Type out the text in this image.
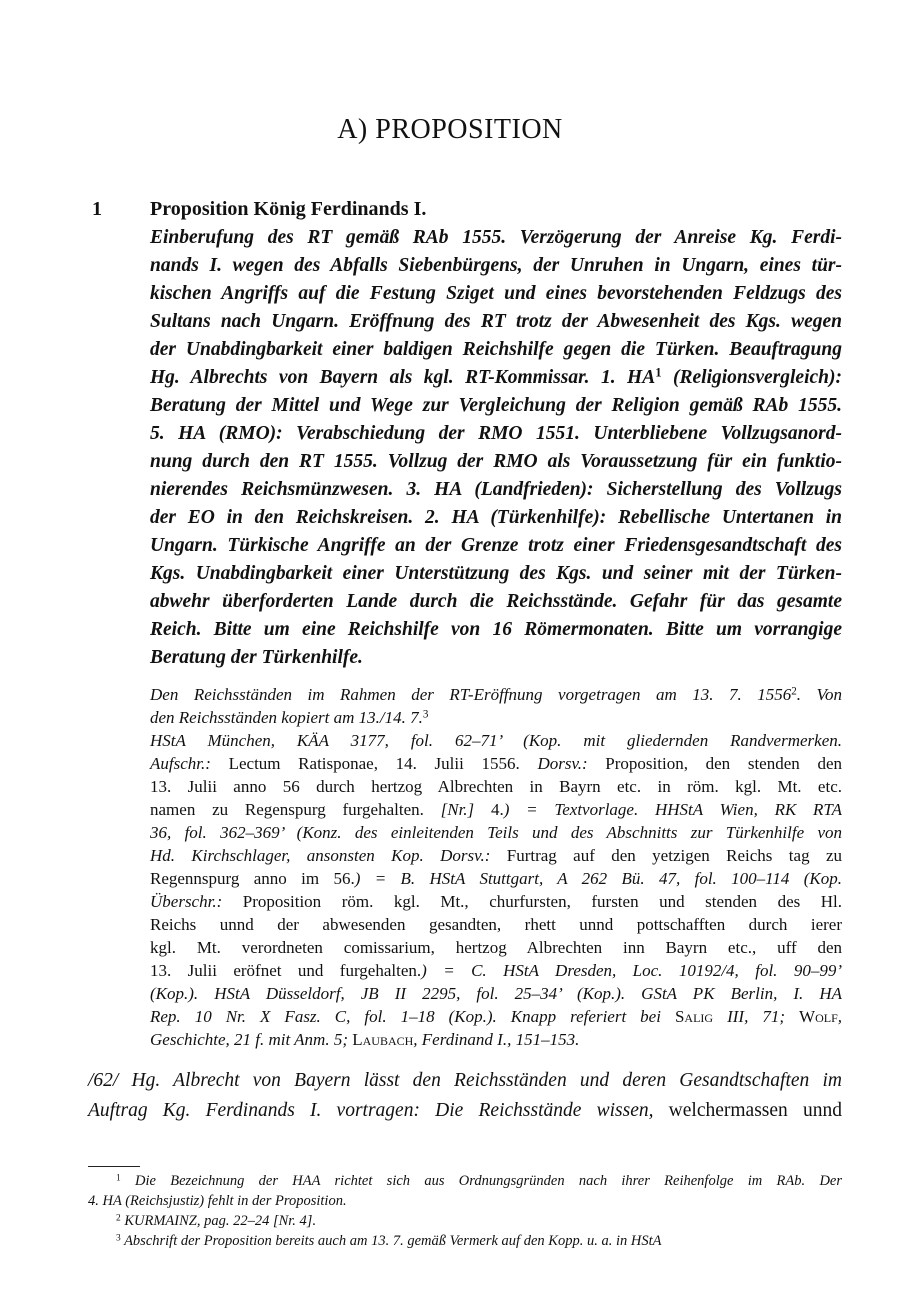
A) PROPOSITION
1 Proposition König Ferdinands I.
Einberufung des RT gemäß RAb 1555. Verzögerung der Anreise Kg. Ferdi-
nands I. wegen des Abfalls Siebenbürgens, der Unruhen in Ungarn, eines tür-
kischen Angriffs auf die Festung Sziget und eines bevorstehenden Feldzugs des
Sultans nach Ungarn. Eröffnung des RT trotz der Abwesenheit des Kgs. wegen
der Unabdingbarkeit einer baldigen Reichshilfe gegen die Türken. Beauftragung
Hg. Albrechts von Bayern als kgl. RT-Kommissar. 1. $HA^1$ (Religionsvergleich):
Beratung der Mittel und Wege zur Vergleichung der Religion gemäß RAb 1555.
5. HA (RMO): Verabschiedung der RMO 1551. Unterbliebene Vollzugsanord-
nung durch den RT 1555. Vollzug der RMO als Voraussetzung für ein funktio-
nierendes Reichsmünzwesen. 3. HA (Landfrieden): Sicherstellung des Vollzugs
der EO in den Reichskreisen. 2. HA (Türkenhilfe): Rebellische Untertanen in
Ungarn. Türkische Angriffe an der Grenze trotz einer Friedensgesandtschaft des
Kgs. Unabdingbarkeit einer Unterstützung des Kgs. und seiner mit der Türken-
abwehr überforderten Lande durch die Reichsstände. Gefahr für das gesamte
Reich. Bitte um eine Reichshilfe von 16 Römermonaten. Bitte um vorrangige
Beratung der Türkenhilfe.
Den Reichsständen im Rahmen der RT-Eröffnung vorgetragen am 13. 7. 1556$^2$. Von
den Reichsständen kopiert am 13./14. 7.$^3$
HStA München, KÄA 3177, fol. 62–71’ (Kop. mit gliedernden Randvermerken.
Aufschr.: Lectum Ratisponae, 14. Julii 1556. Dorsv.: Proposition, den stenden den
13. Julii anno 56 durch hertzog Albrechten in Bayrn etc. in röm. kgl. Mt. etc.
namen zu Regenspurg furgehalten. [Nr.] 4.) = Textvorlage. HHStA Wien, RK RTA
36, fol. 362–369’ (Konz. des einleitenden Teils und des Abschnitts zur Türkenhilfe von
Hd. Kirchschlager, ansonsten Kop. Dorsv.: Furtrag auf den yetzigen Reichs tag zu
Regennspurg anno im 56.) = B. HStA Stuttgart, A 262 Bü. 47, fol. 100–114 (Kop.
Überschr.: Proposition röm. kgl. Mt., churfursten, fursten und stenden des Hl.
Reichs unnd der abwesenden gesandten, rhett unnd pottschafften durch ierer
kgl. Mt. verordneten comissarium, hertzog Albrechten inn Bayrn etc., uff den
13. Julii eröfnet und furgehalten.) = C. HStA Dresden, Loc. 10192/4, fol. 90–99’
(Kop.). HStA Düsseldorf, JB II 2295, fol. 25–34’ (Kop.). GStA PK Berlin, I. HA
Rep. 10 Nr. X Fasz. C, fol. 1–18 (Kop.). Knapp referiert bei Salig III, 71; Wolf,
Geschichte, 21 f. mit Anm. 5; Laubach, Ferdinand I., 151–153.
/62/ Hg. Albrecht von Bayern lässt den Reichsständen und deren Gesandtschaften im
Auftrag Kg. Ferdinands I. vortragen: Die Reichsstände wissen, welchermassen unnd
$^1$ Die Bezeichnung der HAA richtet sich aus Ordnungsgründen nach ihrer Reihenfolge im RAb. Der
4. HA (Reichsjustiz) fehlt in der Proposition.
$^2$ KURMAINZ, pag. 22–24 [Nr. 4].
$^3$ Abschrift der Proposition bereits auch am 13. 7. gemäß Vermerk auf den Kopp. u. a. in HStA
